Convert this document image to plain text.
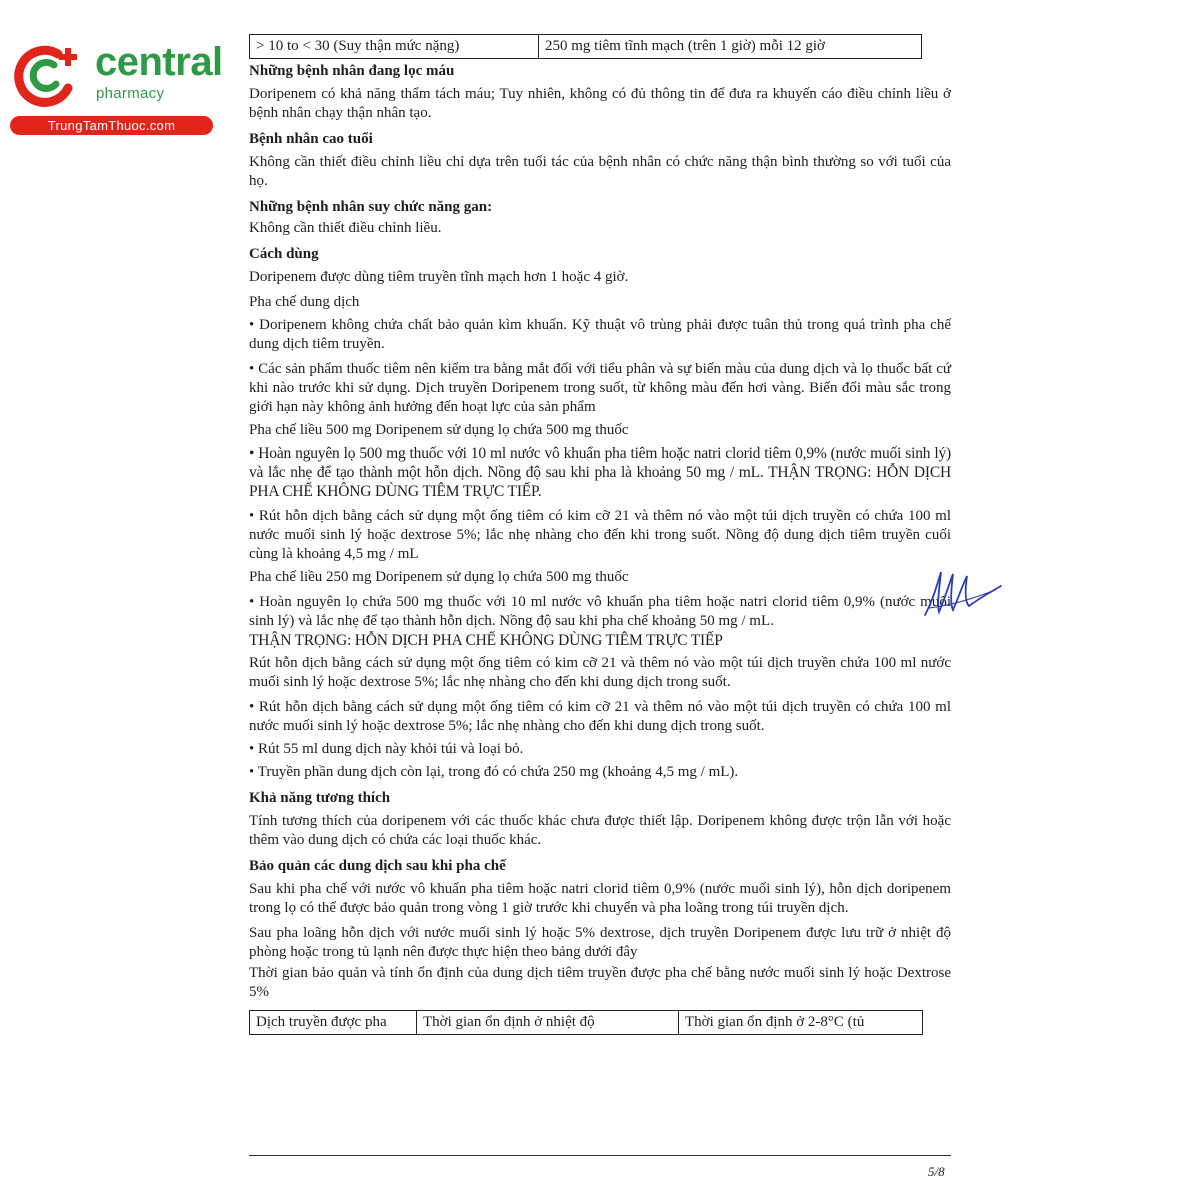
central
pharmacy
TrungTamThuoc.com
> 10 to < 30 (Suy thận mức nặng)	250 mg tiêm tĩnh mạch (trên 1 giờ) mỗi 12 giờ
Những bệnh nhân đang lọc máu

Doripenem có khả năng thẩm tách máu; Tuy nhiên, không có đủ thông tin để đưa ra khuyến cáo điều chỉnh liều ở bệnh nhân chạy thận nhân tạo.

Bệnh nhân cao tuổi

Không cần thiết điều chỉnh liều chỉ dựa trên tuổi tác của bệnh nhân có chức năng thận bình thường so với tuổi của họ.

Những bệnh nhân suy chức năng gan:

Không cần thiết điều chỉnh liều.

Cách dùng

Doripenem được dùng tiêm truyền tĩnh mạch hơn 1 hoặc 4 giờ.

Pha chế dung dịch

• Doripenem không chứa chất bảo quản kìm khuẩn. Kỹ thuật vô trùng phải được tuân thủ trong quá trình pha chế dung dịch tiêm truyền.

• Các sản phẩm thuốc tiêm nên kiểm tra bằng mắt đối với tiểu phân và sự biến màu của dung dịch và lọ thuốc bất cứ khi nào trước khi sử dụng. Dịch truyền Doripenem trong suốt, từ không màu đến hơi vàng. Biến đổi màu sắc trong giới hạn này không ảnh hưởng đến hoạt lực của sản phẩm

Pha chế liều 500 mg Doripenem sử dụng lọ chứa 500 mg thuốc

• Hoàn nguyên lọ 500 mg thuốc với 10 ml nước vô khuẩn pha tiêm hoặc natri clorid tiêm 0,9% (nước muối sinh lý) và lắc nhẹ để tạo thành một hỗn dịch. Nồng độ sau khi pha là khoảng 50 mg / mL. THẬN TRỌNG: HỖN DỊCH PHA CHẾ KHÔNG DÙNG TIÊM TRỰC TIẾP.

• Rút hỗn dịch bằng cách sử dụng một ống tiêm có kim cỡ 21 và thêm nó vào một túi dịch truyền có chứa 100 ml nước muối sinh lý hoặc dextrose 5%; lắc nhẹ nhàng cho đến khi trong suốt. Nồng độ dung dịch tiêm truyền cuối cùng là khoảng 4,5 mg / mL

Pha chế liều 250 mg Doripenem sử dụng lọ chứa 500 mg thuốc

• Hoàn nguyên lọ chứa 500 mg thuốc với 10 ml nước vô khuẩn pha tiêm hoặc natri clorid tiêm 0,9% (nước muối sinh lý) và lắc nhẹ để tạo thành hỗn dịch. Nồng độ sau khi pha chế khoảng 50 mg / mL.

THẬN TRỌNG: HỖN DỊCH PHA CHẾ KHÔNG DÙNG TIÊM TRỰC TIẾP

Rút hỗn dịch bằng cách sử dụng một ống tiêm có kim cỡ 21 và thêm nó vào một túi dịch truyền chứa 100 ml nước muối sinh lý hoặc dextrose 5%; lắc nhẹ nhàng cho đến khi dung dịch trong suốt.

• Rút hỗn dịch bằng cách sử dụng một ống tiêm có kim cỡ 21 và thêm nó vào một túi dịch truyền có chứa 100 ml nước muối sinh lý hoặc dextrose 5%; lắc nhẹ nhàng cho đến khi dung dịch trong suốt.

• Rút 55 ml dung dịch này khỏi túi và loại bỏ.

• Truyền phần dung dịch còn lại, trong đó có chứa 250 mg (khoảng 4,5 mg / mL).

Khả năng tương thích

Tính tương thích của doripenem với các thuốc khác chưa được thiết lập. Doripenem không được trộn lẫn với hoặc thêm vào dung dịch có chứa các loại thuốc khác.

Bảo quản các dung dịch sau khi pha chế

Sau khi pha chế với nước vô khuẩn pha tiêm hoặc natri clorid tiêm 0,9% (nước muối sinh lý), hỗn dịch doripenem trong lọ có thể được bảo quản trong vòng 1 giờ trước khi chuyển và pha loãng trong túi truyền dịch.

Sau pha loãng hỗn dịch với nước muối sinh lý hoặc 5% dextrose, dịch truyền Doripenem được lưu trữ ở nhiệt độ phòng hoặc trong tủ lạnh nên được thực hiện theo bảng dưới đây

Thời gian bảo quản và tính ổn định của dung dịch tiêm truyền được pha chế bằng nước muối sinh lý hoặc Dextrose 5%

Dịch truyền được pha	Thời gian ổn định ở nhiệt độ	Thời gian ổn định ở 2-8°C (tủ
5/8
